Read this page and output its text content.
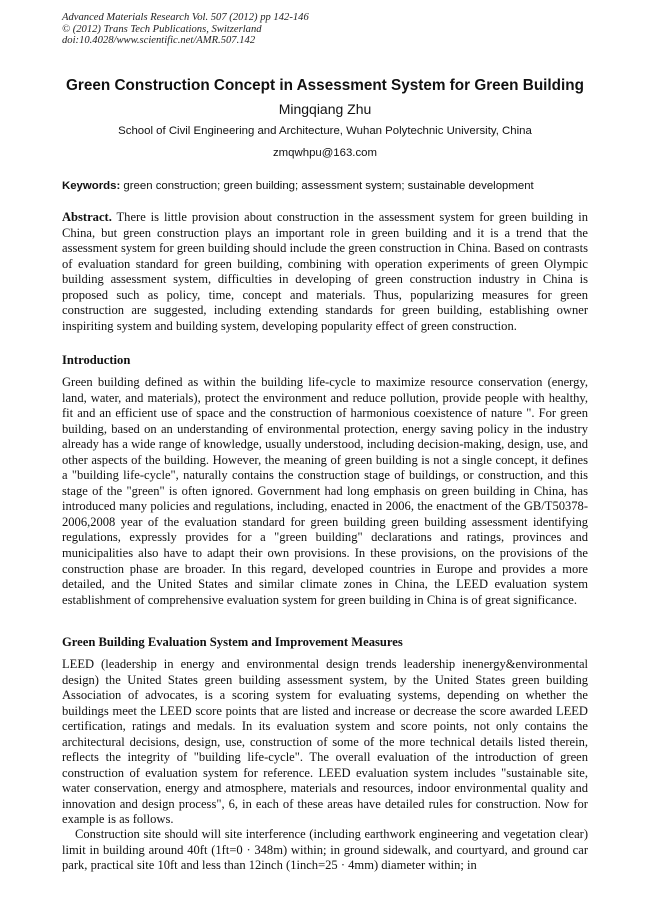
Advanced Materials Research Vol. 507 (2012) pp 142-146
© (2012) Trans Tech Publications, Switzerland
doi:10.4028/www.scientific.net/AMR.507.142
Green Construction Concept in Assessment System for Green Building
Mingqiang Zhu
School of Civil Engineering and Architecture, Wuhan Polytechnic University, China
zmqwhpu@163.com
Keywords: green construction; green building; assessment system; sustainable development
Abstract. There is little provision about construction in the assessment system for green building in China, but green construction plays an important role in green building and it is a trend that the assessment system for green building should include the green construction in China. Based on contrasts of evaluation standard for green building, combining with operation experiments of green Olympic building assessment system, difficulties in developing of green construction industry in China is proposed such as policy, time, concept and materials. Thus, popularizing measures for green construction are suggested, including extending standards for green building, establishing owner inspiriting system and building system, developing popularity effect of green construction.
Introduction

Green building defined as within the building life-cycle to maximize resource conservation (energy, land, water, and materials), protect the environment and reduce pollution, provide people with healthy, fit and an efficient use of space and the construction of harmonious coexistence of nature ". For green building, based on an understanding of environmental protection, energy saving policy in the industry already has a wide range of knowledge, usually understood, including decision-making, design, use, and other aspects of the building. However, the meaning of green building is not a single concept, it defines a "building life-cycle", naturally contains the construction stage of buildings, or construction, and this stage of the "green" is often ignored. Government had long emphasis on green building in China, has introduced many policies and regulations, including, enacted in 2006, the enactment of the GB/T50378-2006,2008 year of the evaluation standard for green building green building assessment identifying regulations, expressly provides for a "green building" declarations and ratings, provinces and municipalities also have to adapt their own provisions. In these provisions, on the provisions of the construction phase are broader. In this regard, developed countries in Europe and provides a more detailed, and the United States and similar climate zones in China, the LEED evaluation system establishment of comprehensive evaluation system for green building in China is of great significance.

Green Building Evaluation System and Improvement Measures

LEED (leadership in energy and environmental design trends leadership inenergy&environmental design) the United States green building assessment system, by the United States green building Association of advocates, is a scoring system for evaluating systems, depending on whether the buildings meet the LEED score points that are listed and increase or decrease the score awarded LEED certification, ratings and medals. In its evaluation system and score points, not only contains the architectural decisions, design, use, construction of some of the more technical details listed therein, reflects the integrity of "building life-cycle". The overall evaluation of the introduction of green construction of evaluation system for reference. LEED evaluation system includes "sustainable site, water conservation, energy and atmosphere, materials and resources, indoor environmental quality and innovation and design process", 6, in each of these areas have detailed rules for construction. Now for example is as follows.

Construction site should will site interference (including earthwork engineering and vegetation clear) limit in building around 40ft (1ft=0 · 348m) within; in ground sidewalk, and courtyard, and ground car park, practical site 10ft and less than 12inch (1inch=25 · 4mm) diameter within; in
